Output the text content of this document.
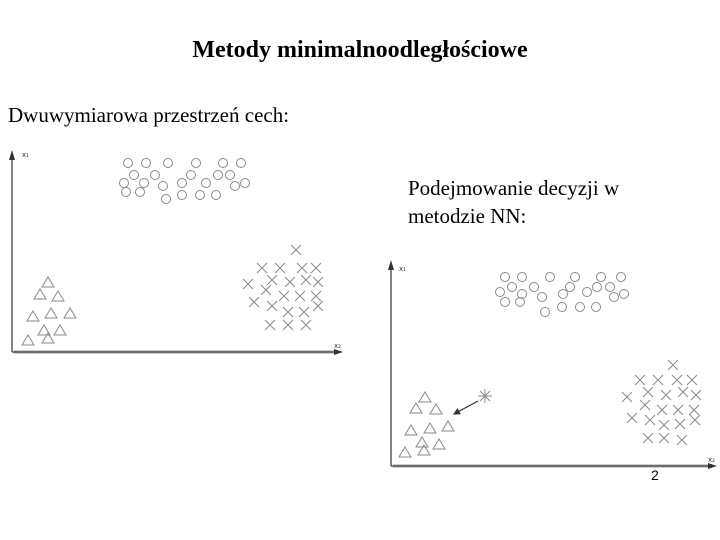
Metody minimalnoodległościowe
Dwuwymiarowa przestrzeń cech:
Podejmowanie decyzji w
metodzie NN:
2
x₁
x₂
x₁
x₂
